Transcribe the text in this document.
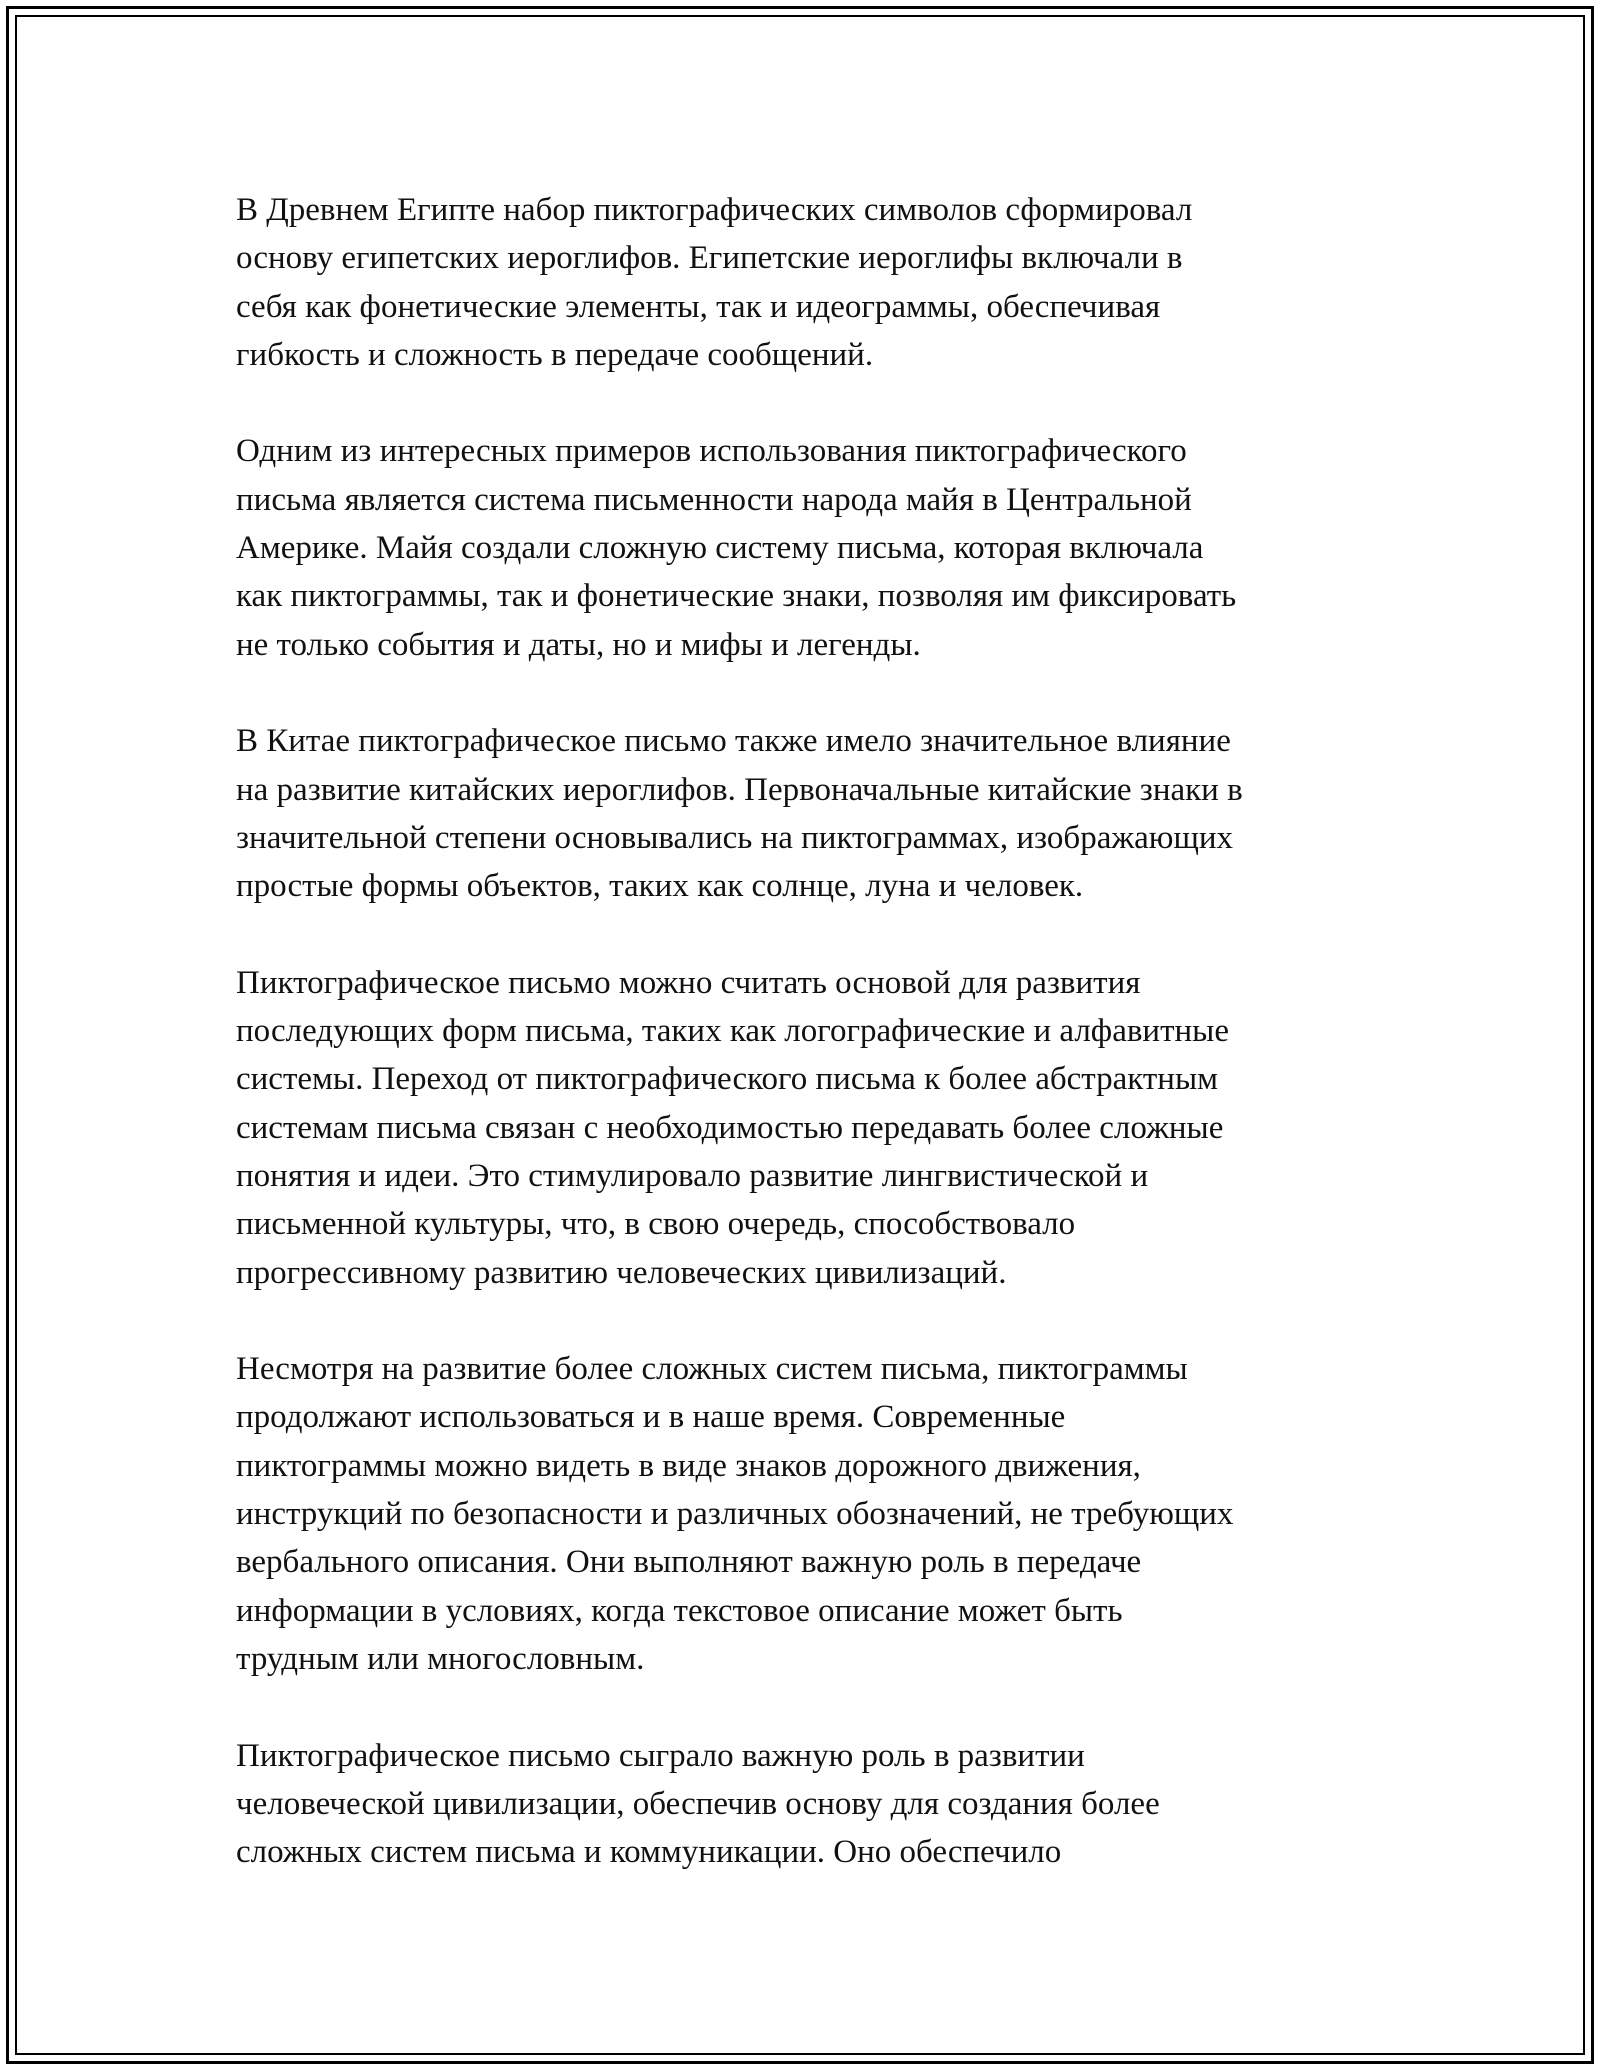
В Древнем Египте набор пиктографических символов сформировал
основу египетских иероглифов. Египетские иероглифы включали в
себя как фонетические элементы, так и идеограммы, обеспечивая
гибкость и сложность в передаче сообщений.

Одним из интересных примеров использования пиктографического
письма является система письменности народа майя в Центральной
Америке. Майя создали сложную систему письма, которая включала
как пиктограммы, так и фонетические знаки, позволяя им фиксировать
не только события и даты, но и мифы и легенды.

В Китае пиктографическое письмо также имело значительное влияние
на развитие китайских иероглифов. Первоначальные китайские знаки в
значительной степени основывались на пиктограммах, изображающих
простые формы объектов, таких как солнце, луна и человек.

Пиктографическое письмо можно считать основой для развития
последующих форм письма, таких как логографические и алфавитные
системы. Переход от пиктографического письма к более абстрактным
системам письма связан с необходимостью передавать более сложные
понятия и идеи. Это стимулировало развитие лингвистической и
письменной культуры, что, в свою очередь, способствовало
прогрессивному развитию человеческих цивилизаций.

Несмотря на развитие более сложных систем письма, пиктограммы
продолжают использоваться и в наше время. Современные
пиктограммы можно видеть в виде знаков дорожного движения,
инструкций по безопасности и различных обозначений, не требующих
вербального описания. Они выполняют важную роль в передаче
информации в условиях, когда текстовое описание может быть
трудным или многословным.

Пиктографическое письмо сыграло важную роль в развитии
человеческой цивилизации, обеспечив основу для создания более
сложных систем письма и коммуникации. Оно обеспечило
